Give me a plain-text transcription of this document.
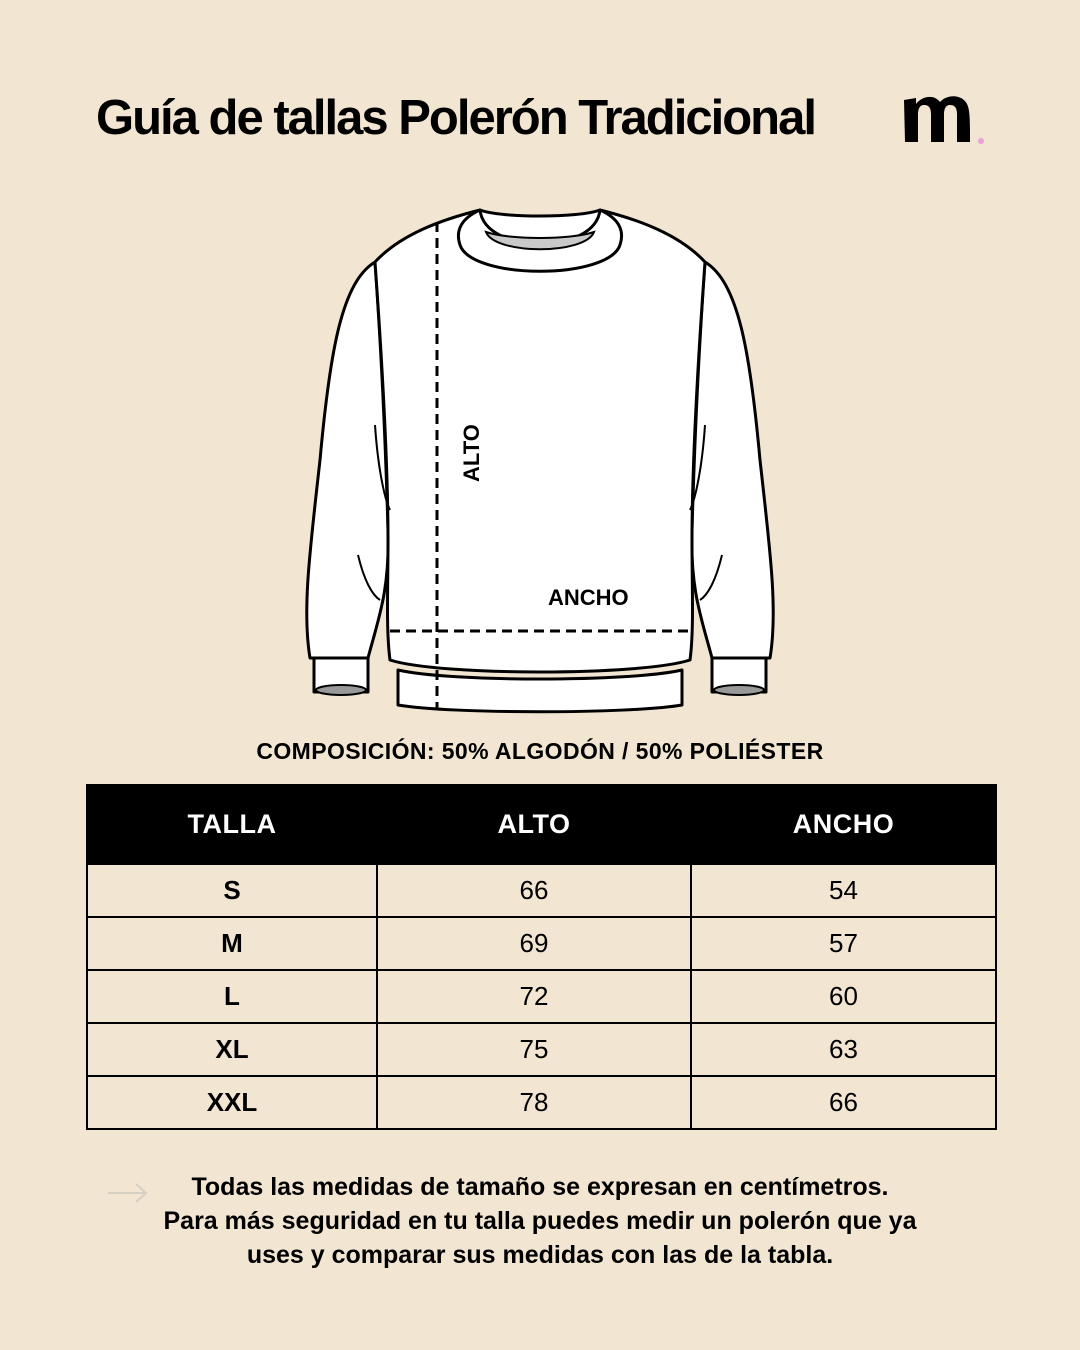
Guía de tallas Polerón Tradicional
ALTO
ANCHO
COMPOSICIÓN: 50% ALGODÓN / 50% POLIÉSTER
TALLA	ALTO	ANCHO
S	66	54
M	69	57
L	72	60
XL	75	63
XXL	78	66

Todas las medidas de tamaño se expresan en centímetros.

Para más seguridad en tu talla puedes medir un polerón que ya

uses y comparar sus medidas con las de la tabla.
